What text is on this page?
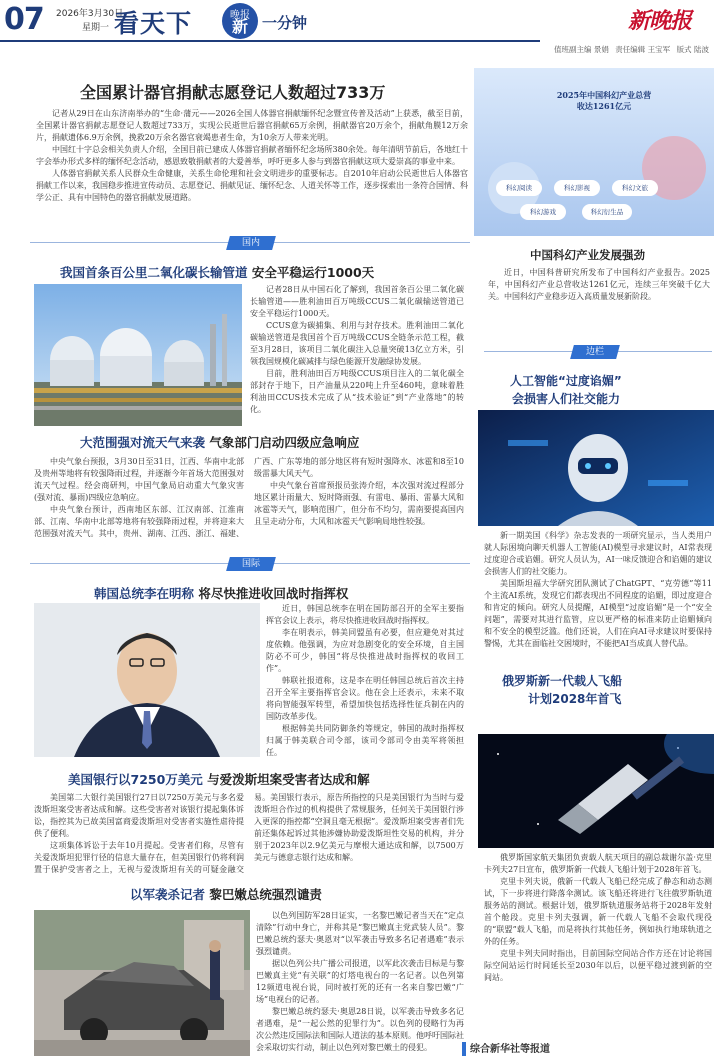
07 2026年3月30日
星期一 看天下	晚报
新 一分钟	新晚报
值班副主编 景娟 责任编辑 王宝军 版式 陆波
全国累计器官捐献志愿登记人数超过733万

记者从29日在山东济南举办的“生命·蒲元——2026全国人体器官捐献缅怀纪念暨宣传普及活动”上获悉，截至目前，全国累计器官捐献志愿登记人数超过733万，实现公民逝世后器官捐献65万余例，捐献器官20万余个，捐献角膜12万余片，捐献遗体6.9万余例，挽救20万余名器官衰竭患者生命，为10余万人带来光明。

中国红十字总会相关负责人介绍，全国目前已建成人体器官捐献者缅怀纪念场所380余处。每年清明节前后，各地红十字会举办形式多样的缅怀纪念活动，感恩致敬捐献者的大爱善举，呼吁更多人参与到器官捐献这项大爱崇高的事业中来。

人体器官捐献关系人民群众生命健康，关系生命伦理和社会文明进步的重要标志。自2010年启动公民逝世后人体器官捐献工作以来，我国稳步推进宣传动员、志愿登记、捐献见证、缅怀纪念、人道关怀等工作，逐步探索出一条符合国情、科学公正、具有中国特色的器官捐献发展道路。

国内
我国首条百公里二氧化碳长输管道 安全平稳运行1000天

记者28日从中国石化了解到，我国首条百公里二氧化碳长输管道——胜利油田百万吨级CCUS二氧化碳输送管道已安全平稳运行1000天。

CCUS意为碳捕集、利用与封存技术。胜利油田二氧化碳输送管道是我国首个百万吨级CCUS全链条示范工程，截至3月28日，该项目二氧化碳注入总量突破13亿立方米，引领我国规模化碳减排与绿色能源开发融绿协发展。

目前，胜利油田百万吨级CCUS项目注入的二氧化碳全部封存于地下，日产油量从220吨上升至460吨，意味着胜利油田CCUS技术完成了从“技术验证”到“产业落地”的转化。

大范围强对流天气来袭 气象部门启动四级应急响应

中央气象台预报，3月30日至31日，江西、华南中北部及贵州等地将有较强降雨过程，并逐渐今年首场大范围强对流天气过程。经会商研判，中国气象局启动重大气象灾害(强对流、暴雨)四级应急响应。

中央气象台预计，西南地区东部、江汉南部、江淮南部、江南、华南中北部等地将有较强降雨过程，并将迎来大范围强对流天气。其中，贵州、湖南、江西、浙江、福建、广西、广东等地的部分地区将有短时强降水、冰雹和8至10级雷暴大风天气。

中央气象台首席预报员张涛介绍，本次强对流过程部分地区累计雨量大、短时降雨强、有雷电、暴雨、雷暴大风和冰雹等天气，影响范围广，但分布不均匀，需南要提高国内且呈走动分布，大风和冰雹天气影响局地性较强。

国际
韩国总统李在明称 将尽快推进收回战时指挥权

近日，韩国总统李在明在国防部召开的全军主要指挥官会议上表示，将尽快推进收回战时指挥权。

李在明表示，韩美同盟虽有必要，但应避免对其过度依赖。他强调，为应对急剧变化的安全环境，自主国防必不可少，韩国“将尽快推进战时指挥权的收回工作”。

韩联社报道称，这是李在明任韩国总统后首次主持召开全军主要指挥官会议。他在会上还表示，未来不取将向智能强军转型，希望加快包括选择性征兵制在内的国防改革步伐。

根据韩美共同防御条约等规定，韩国的战时指挥权归属于韩美联合司令部，该司令部司令由美军将领担任。

美国银行以7250万美元 与爱泼斯坦案受害者达成和解

美国第二大银行美国银行27日以7250万美元与多名爱泼斯坦案受害者达成和解。这些受害者对该银行提起集体诉讼，指控其为已故美国富商爱泼斯坦对受害者实施性虐待提供了便利。

这项集体诉讼于去年10月提起。受害者们称，尽管有关爱泼斯坦犯罪行径的信息大量存在，但美国银行仍将利润置于保护受害者之上，无视与爱泼斯坦有关的可疑金融交易。美国银行表示，原告所指控的只是美国银行为当时与爱泼斯坦合作过的机构提供了常规服务，任何关于美国银行涉入更深的指控都“空洞且毫无根据”。爱泼斯坦案受害者们先前还集体起诉过其他涉嫌协助爱泼斯坦性交易的机构，并分别于2023年以2.9亿美元与摩根大通达成和解，以7500万美元与德意志银行达成和解。

以军袭杀记者 黎巴嫩总统强烈谴责

以色列国防军28日证实，一名黎巴嫩记者当天在“定点清除”行动中身亡，并称其是“黎巴嫩真主党武装人员”。黎巴嫩总统约瑟夫·奥恩对“以军袭击导致多名记者遇难”表示强烈谴责。

据以色列公共广播公司报道，以军此次袭击目标是与黎巴嫩真主党“有关联”的灯塔电视台的一名记者。以色列第12频道电视台说，同时被打死的还有一名来自黎巴嫩“广场”电视台的记者。

黎巴嫩总统约瑟夫·奥恩28日说，以军袭击导致多名记者遇难，是“一起公然的犯罪行为”。以色列的侵略行为再次公然违反国际法和国际人道法的基本原则。他呼吁国际社会采取切实行动，制止以色列对黎巴嫩土的侵犯。

2025年中国科幻产业总营收达1261亿元
科幻阅读	科幻影视	科幻文旅
科幻游戏	科幻衍生品
中国科幻产业发展强劲
近日，中国科普研究所发布了中国科幻产业报告。2025年，中国科幻产业总营收达1261亿元，连续三年突破千亿大关。中国科幻产业稳步迈入高质量发展新阶段。
边栏
人工智能“过度谄媚”
会损害人们社交能力

新一期美国《科学》杂志发表的一项研究显示，当人类用户就人际困境向聊天机器人工智能(AI)模型寻求建议时，AI常表现过度迎合或谄媚。研究人员认为，AI一味反馈迎合和谄媚的建议会损害人们的社交能力。

美国斯坦福大学研究团队测试了ChatGPT、“克劳德”等11个主流AI系统，发现它们都表现出不同程度的谄媚，即过度迎合和肯定的倾向。研究人员提醒，AI模型“过度谄媚”是一个“安全问题”，需要对其进行监管，应以更严格的标准来防止谄媚倾向和不安全的模型泛滥。他们还说，人们在向AI寻求建议时要保持警惕，尤其在面临社交困境时，不能把AI当成真人替代品。

俄罗斯新一代载人飞船
计划2028年首飞

俄罗斯国家航天集团负责载人航天项目的副总裁谢尔盖·克里卡列夫27日宣布，俄罗斯新一代载人飞船计划于2028年首飞。

克里卡列夫说，俄新一代载人飞船已经完成了静态和动态测试，下一步将进行降落伞测试。该飞船还将进行飞往俄罗斯轨道服务站的测试。根据计划，俄罗斯轨道服务站将于2028年发射首个舱段。克里卡列夫强调，新一代载人飞船不会取代现役的“联盟”载人飞船，而是将执行其他任务，例如执行地球轨道之外的任务。

克里卡列夫同时指出，目前国际空间站合作方还在讨论将国际空间站运行时间延长至2030年以后，以便平稳过渡到新的空间站。

综合新华社等报道
